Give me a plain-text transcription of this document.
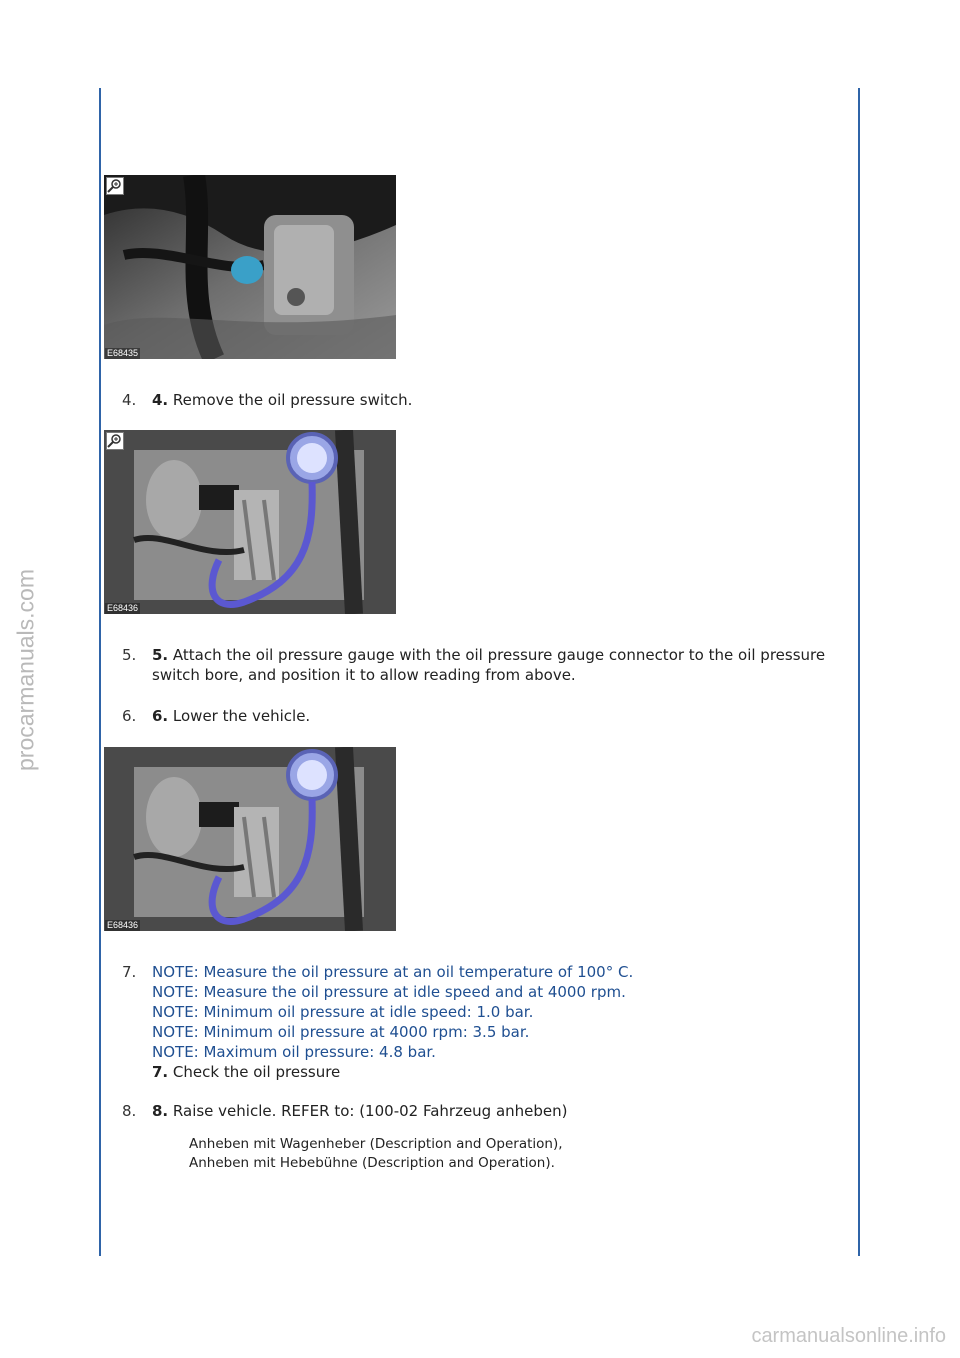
procarmanuals.com
E68435
4. 4. Remove the oil pressure switch.
E68436
5. 5. Attach the oil pressure gauge with the oil pressure gauge connector to the oil pressure switch bore, and position it to allow reading from above.
6. 6. Lower the vehicle.
E68436
7. NOTE: Measure the oil pressure at an oil temperature of 100° C.
NOTE: Measure the oil pressure at idle speed and at 4000 rpm.
NOTE: Minimum oil pressure at idle speed: 1.0 bar.
NOTE: Minimum oil pressure at 4000 rpm: 3.5 bar.
NOTE: Maximum oil pressure: 4.8 bar.
7. Check the oil pressure
8. 8. Raise vehicle. REFER to: (100-02 Fahrzeug anheben)
Anheben mit Wagenheber (Description and Operation),
Anheben mit Hebebühne (Description and Operation).
carmanualsonline.info
